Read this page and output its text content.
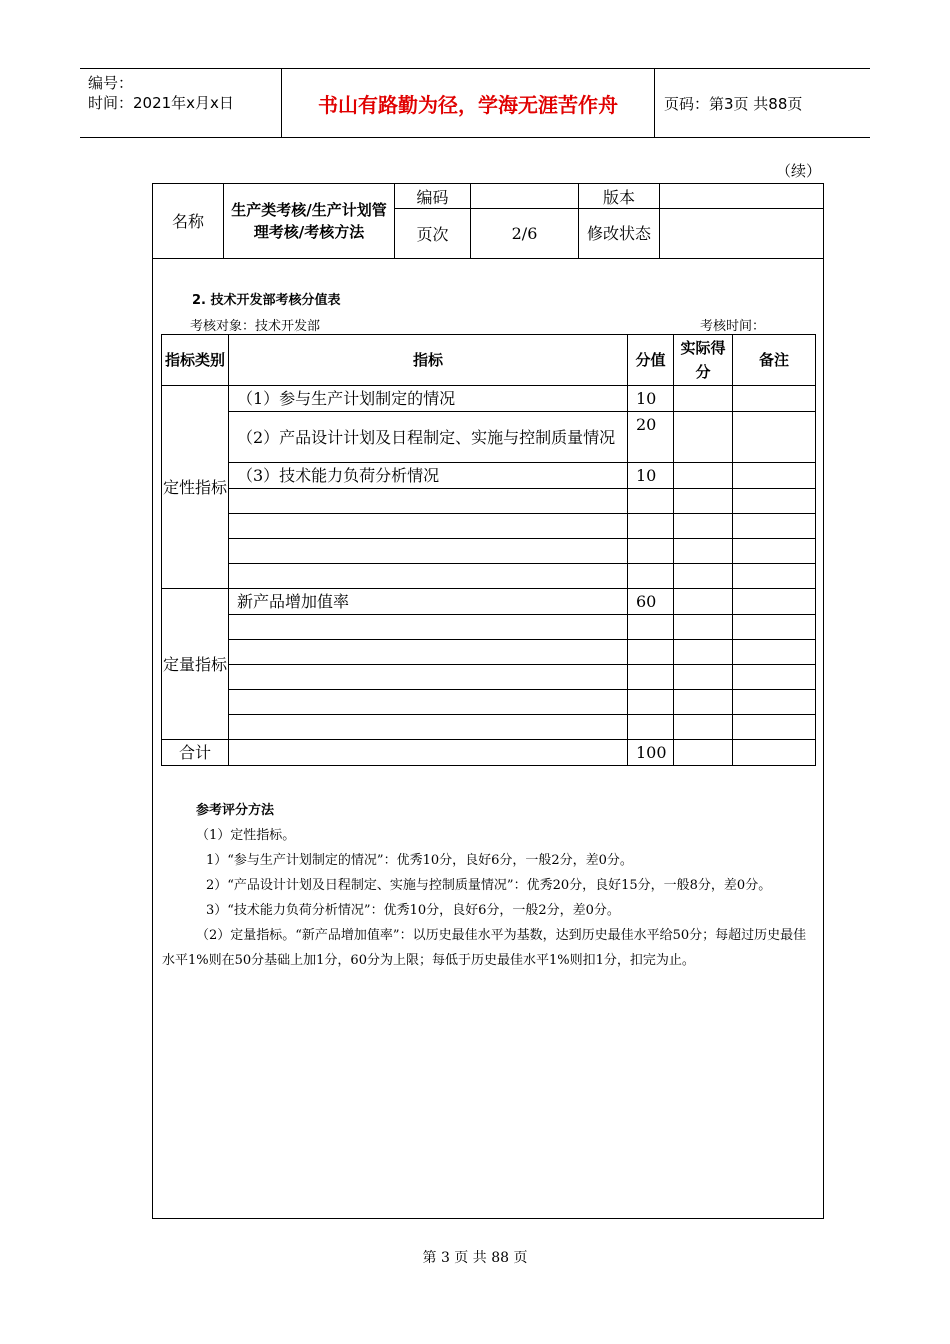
编号：
时间：2021年x月x日	书山有路勤为径，学海无涯苦作舟	页码：第3页 共88页
（续）
名称	生产类考核/生产计划管理考核/考核方法	编码		版本	
		页次	2/6	修改状态	
2. 技术开发部考核分值表
考核对象：技术开发部	考核时间：
指标类别	指标	分值	实际得分	备注
定性指标	（1）参与生产计划制定的情况	10		
	（2）产品设计计划及日程制定、实施与控制质量情况	20		
	（3）技术能力负荷分析情况	10		

定量指标	新产品增加值率	60		

合计		100		

参考评分方法

（1）定性指标。

1）“参与生产计划制定的情况”：优秀10分，良好6分，一般2分，差0分。

2）“产品设计计划及日程制定、实施与控制质量情况”：优秀20分，良好15分，一般8分，差0分。

3）“技术能力负荷分析情况”：优秀10分，良好6分，一般2分，差0分。

（2）定量指标。“新产品增加值率”：以历史最佳水平为基数，达到历史最佳水平给50分；每超过历史最佳水平1%则在50分基础上加1分，60分为上限；每低于历史最佳水平1%则扣1分，扣完为止。

第 3 页 共 88 页
